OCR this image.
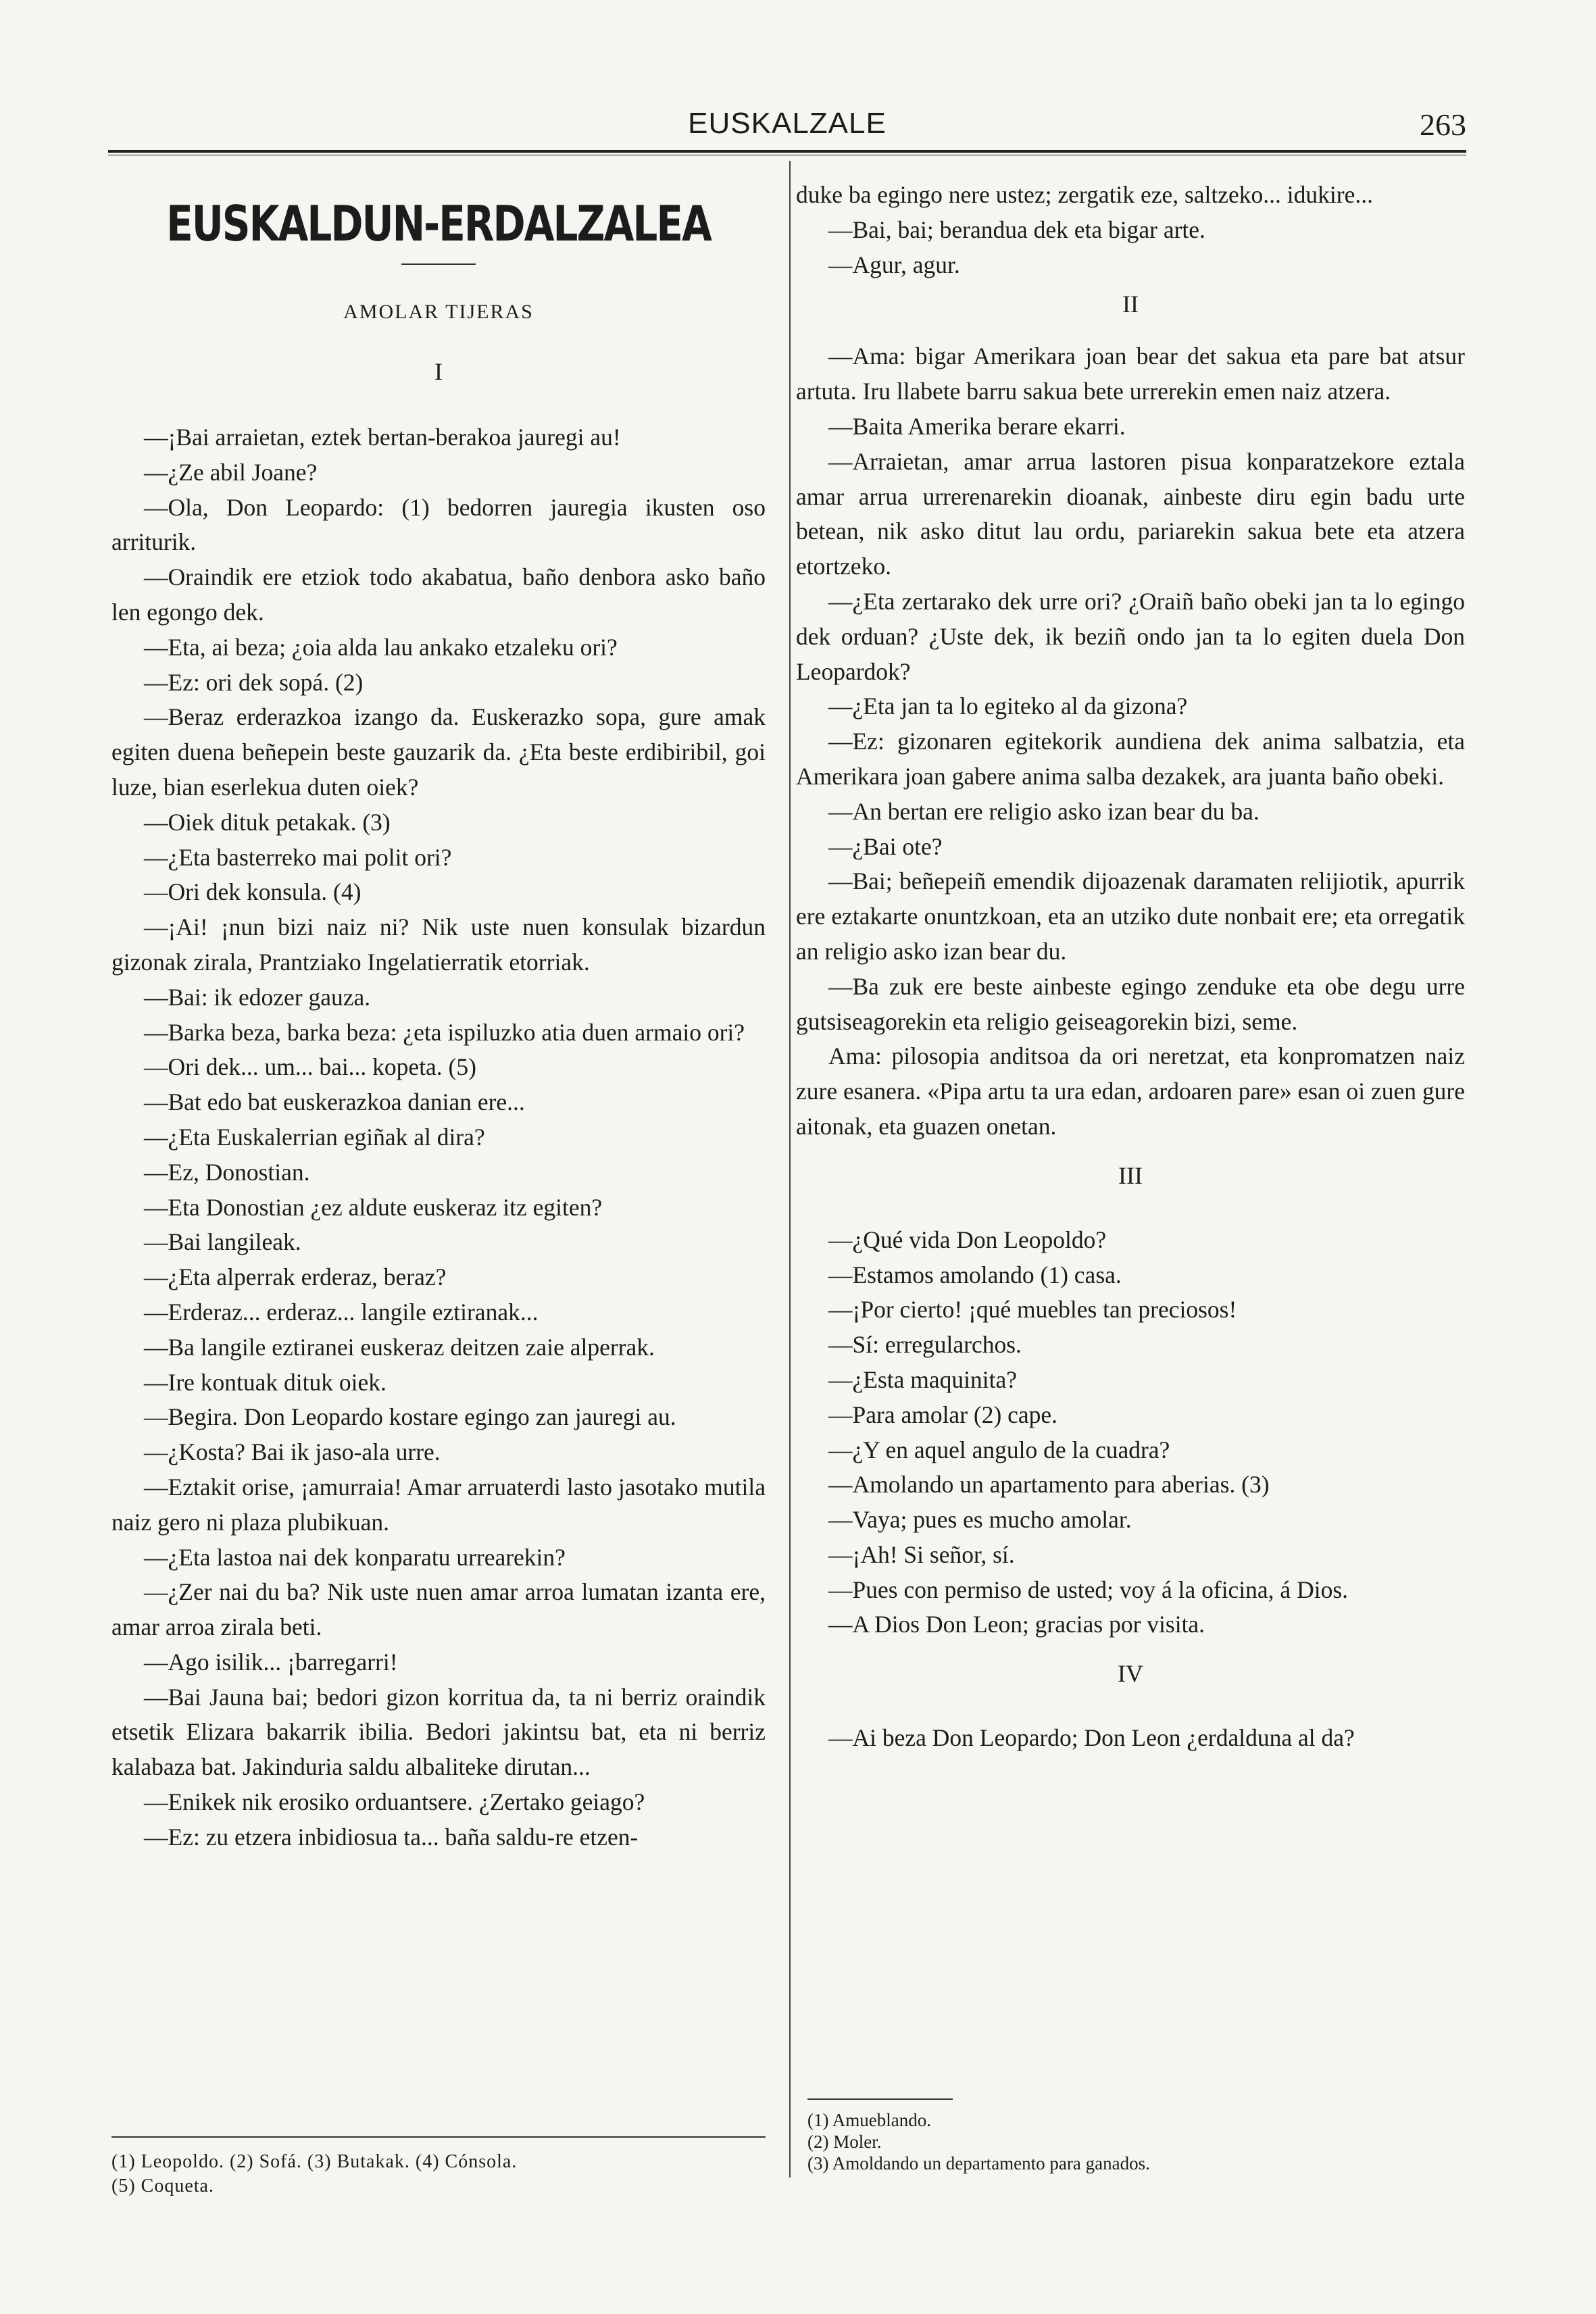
EUSKALZALE	263
EUSKALDUN-ERDALZALEA
AMOLAR TIJERAS
I

—¡Bai arraietan, eztek bertan-berakoa jauregi au!

—¿Ze abil Joane?

—Ola, Don Leopardo: (1) bedorren jauregia ikusten oso arriturik.

—Oraindik ere etziok todo akabatua, baño denbora asko baño len egongo dek.

—Eta, ai beza; ¿oia alda lau ankako etzaleku ori?

—Ez: ori dek sopá. (2)

—Beraz erderazkoa izango da. Euskerazko sopa, gure amak egiten duena beñepein beste gauzarik da. ¿Eta beste erdibiribil, goi luze, bian eserlekua duten oiek?

—Oiek dituk petakak. (3)

—¿Eta basterreko mai polit ori?

—Ori dek konsula. (4)

—¡Ai! ¡nun bizi naiz ni? Nik uste nuen konsulak bizardun gizonak zirala, Prantziako Ingelatierratik etorriak.

—Bai: ik edozer gauza.

—Barka beza, barka beza: ¿eta ispiluzko atia duen armaio ori?

—Ori dek... um... bai... kopeta. (5)

—Bat edo bat euskerazkoa danian ere...

—¿Eta Euskalerrian egiñak al dira?

—Ez, Donostian.

—Eta Donostian ¿ez aldute euskeraz itz egiten?

—Bai langileak.

—¿Eta alperrak erderaz, beraz?

—Erderaz... erderaz... langile eztiranak...

—Ba langile eztiranei euskeraz deitzen zaie alperrak.

—Ire kontuak dituk oiek.

—Begira. Don Leopardo kostare egingo zan jauregi au.

—¿Kosta? Bai ik jaso-ala urre.

—Eztakit orise, ¡amurraia! Amar arruaterdi lasto jasotako mutila naiz gero ni plaza plubikuan.

—¿Eta lastoa nai dek konparatu urrearekin?

—¿Zer nai du ba? Nik uste nuen amar arroa lumatan izanta ere, amar arroa zirala beti.

—Ago isilik... ¡barregarri!

—Bai Jauna bai; bedori gizon korritua da, ta ni berriz oraindik etsetik Elizara bakarrik ibilia. Bedori jakintsu bat, eta ni berriz kalabaza bat. Jakinduria saldu albaliteke dirutan...

—Enikek nik erosiko orduantsere. ¿Zertako geiago?

—Ez: zu etzera inbidiosua ta... baña saldu-re etzen-

(1) Leopoldo. (2) Sofá. (3) Butakak. (4) Cónsola.
(5) Coqueta.

duke ba egingo nere ustez; zergatik eze, saltzeko... idukire...

—Bai, bai; berandua dek eta bigar arte.

—Agur, agur.

II

—Ama: bigar Amerikara joan bear det sakua eta pare bat atsur artuta. Iru llabete barru sakua bete urrerekin emen naiz atzera.

—Baita Amerika berare ekarri.

—Arraietan, amar arrua lastoren pisua konparatzekore eztala amar arrua urrerenarekin dioanak, ainbeste diru egin badu urte betean, nik asko ditut lau ordu, pariarekin sakua bete eta atzera etortzeko.

—¿Eta zertarako dek urre ori? ¿Oraiñ baño obeki jan ta lo egingo dek orduan? ¿Uste dek, ik beziñ ondo jan ta lo egiten duela Don Leopardok?

—¿Eta jan ta lo egiteko al da gizona?

—Ez: gizonaren egitekorik aundiena dek anima salbatzia, eta Amerikara joan gabere anima salba dezakek, ara juanta baño obeki.

—An bertan ere religio asko izan bear du ba.

—¿Bai ote?

—Bai; beñepeiñ emendik dijoazenak daramaten relijiotik, apurrik ere eztakarte onuntzkoan, eta an utziko dute nonbait ere; eta orregatik an religio asko izan bear du.

—Ba zuk ere beste ainbeste egingo zenduke eta obe degu urre gutsiseagorekin eta religio geiseagorekin bizi, seme.

Ama: pilosopia anditsoa da ori neretzat, eta konpromatzen naiz zure esanera. «Pipa artu ta ura edan, ardoaren pare» esan oi zuen gure aitonak, eta guazen onetan.

III

—¿Qué vida Don Leopoldo?

—Estamos amolando (1) casa.

—¡Por cierto! ¡qué muebles tan preciosos!

—Sí: erregularchos.

—¿Esta maquinita?

—Para amolar (2) cape.

—¿Y en aquel angulo de la cuadra?

—Amolando un apartamento para aberias. (3)

—Vaya; pues es mucho amolar.

—¡Ah! Si señor, sí.

—Pues con permiso de usted; voy á la oficina, á Dios.

—A Dios Don Leon; gracias por visita.

IV

—Ai beza Don Leopardo; Don Leon ¿erdalduna al da?

(1) Amueblando.
(2) Moler.
(3) Amoldando un departamento para ganados.
